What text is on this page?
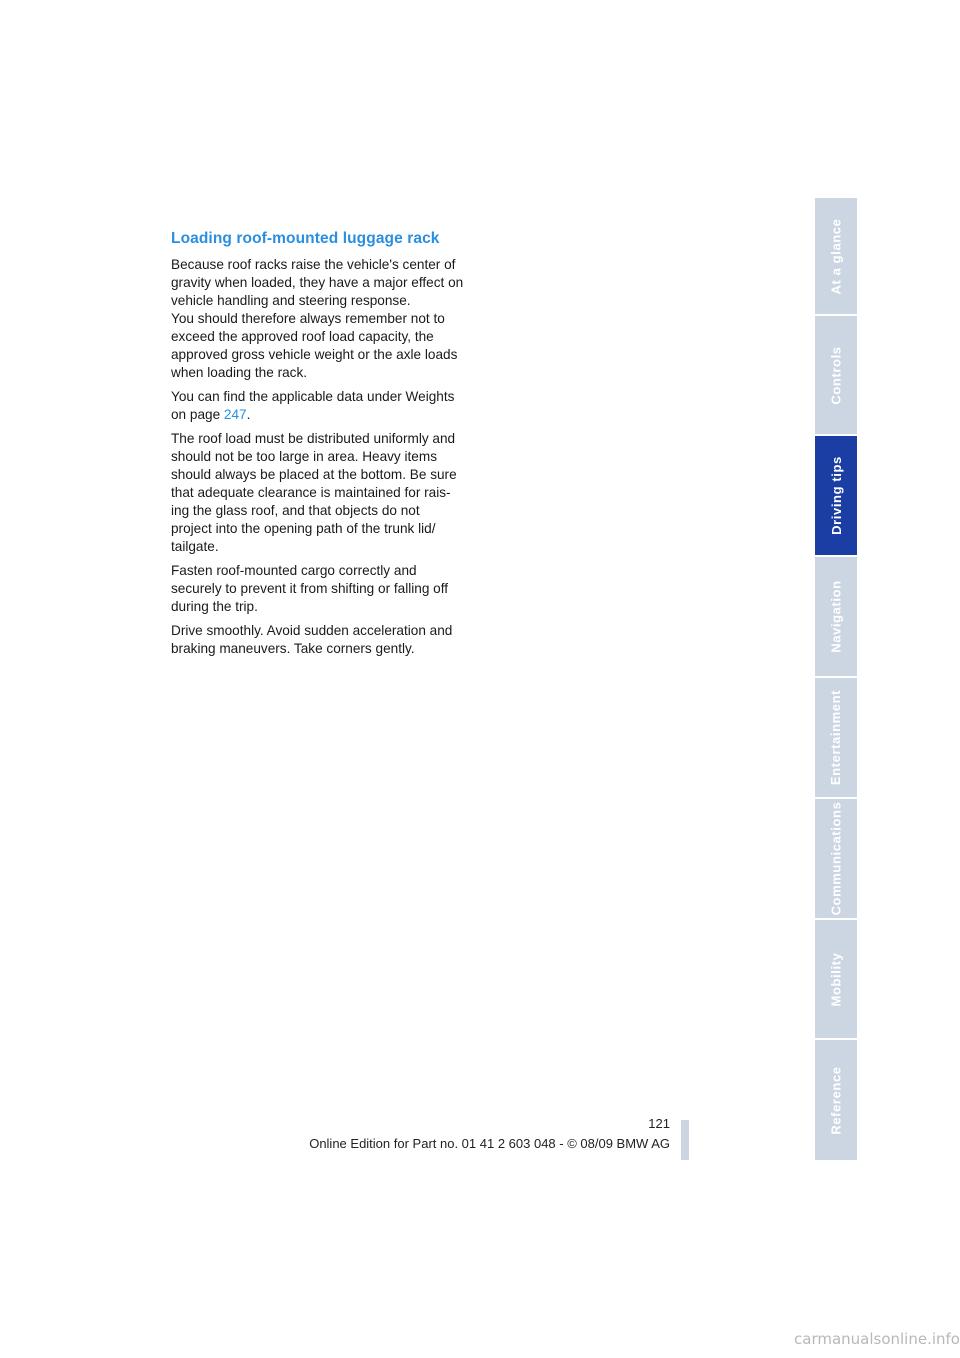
Loading roof-mounted luggage rack

Because roof racks raise the vehicle's center of
gravity when loaded, they have a major effect on
vehicle handling and steering response.
You should therefore always remember not to
exceed the approved roof load capacity, the
approved gross vehicle weight or the axle loads
when loading the rack.

You can find the applicable data under Weights
on page 247.

The roof load must be distributed uniformly and
should not be too large in area. Heavy items
should always be placed at the bottom. Be sure
that adequate clearance is maintained for rais-
ing the glass roof, and that objects do not
project into the opening path of the trunk lid/
tailgate.

Fasten roof-mounted cargo correctly and
securely to prevent it from shifting or falling off
during the trip.

Drive smoothly. Avoid sudden acceleration and
braking maneuvers. Take corners gently.

At a glance
Controls
Driving tips
Navigation
Entertainment
Communications
Mobility
Reference
121
Online Edition for Part no. 01 41 2 603 048 - © 08/09 BMW AG
carmanualsonline.info
